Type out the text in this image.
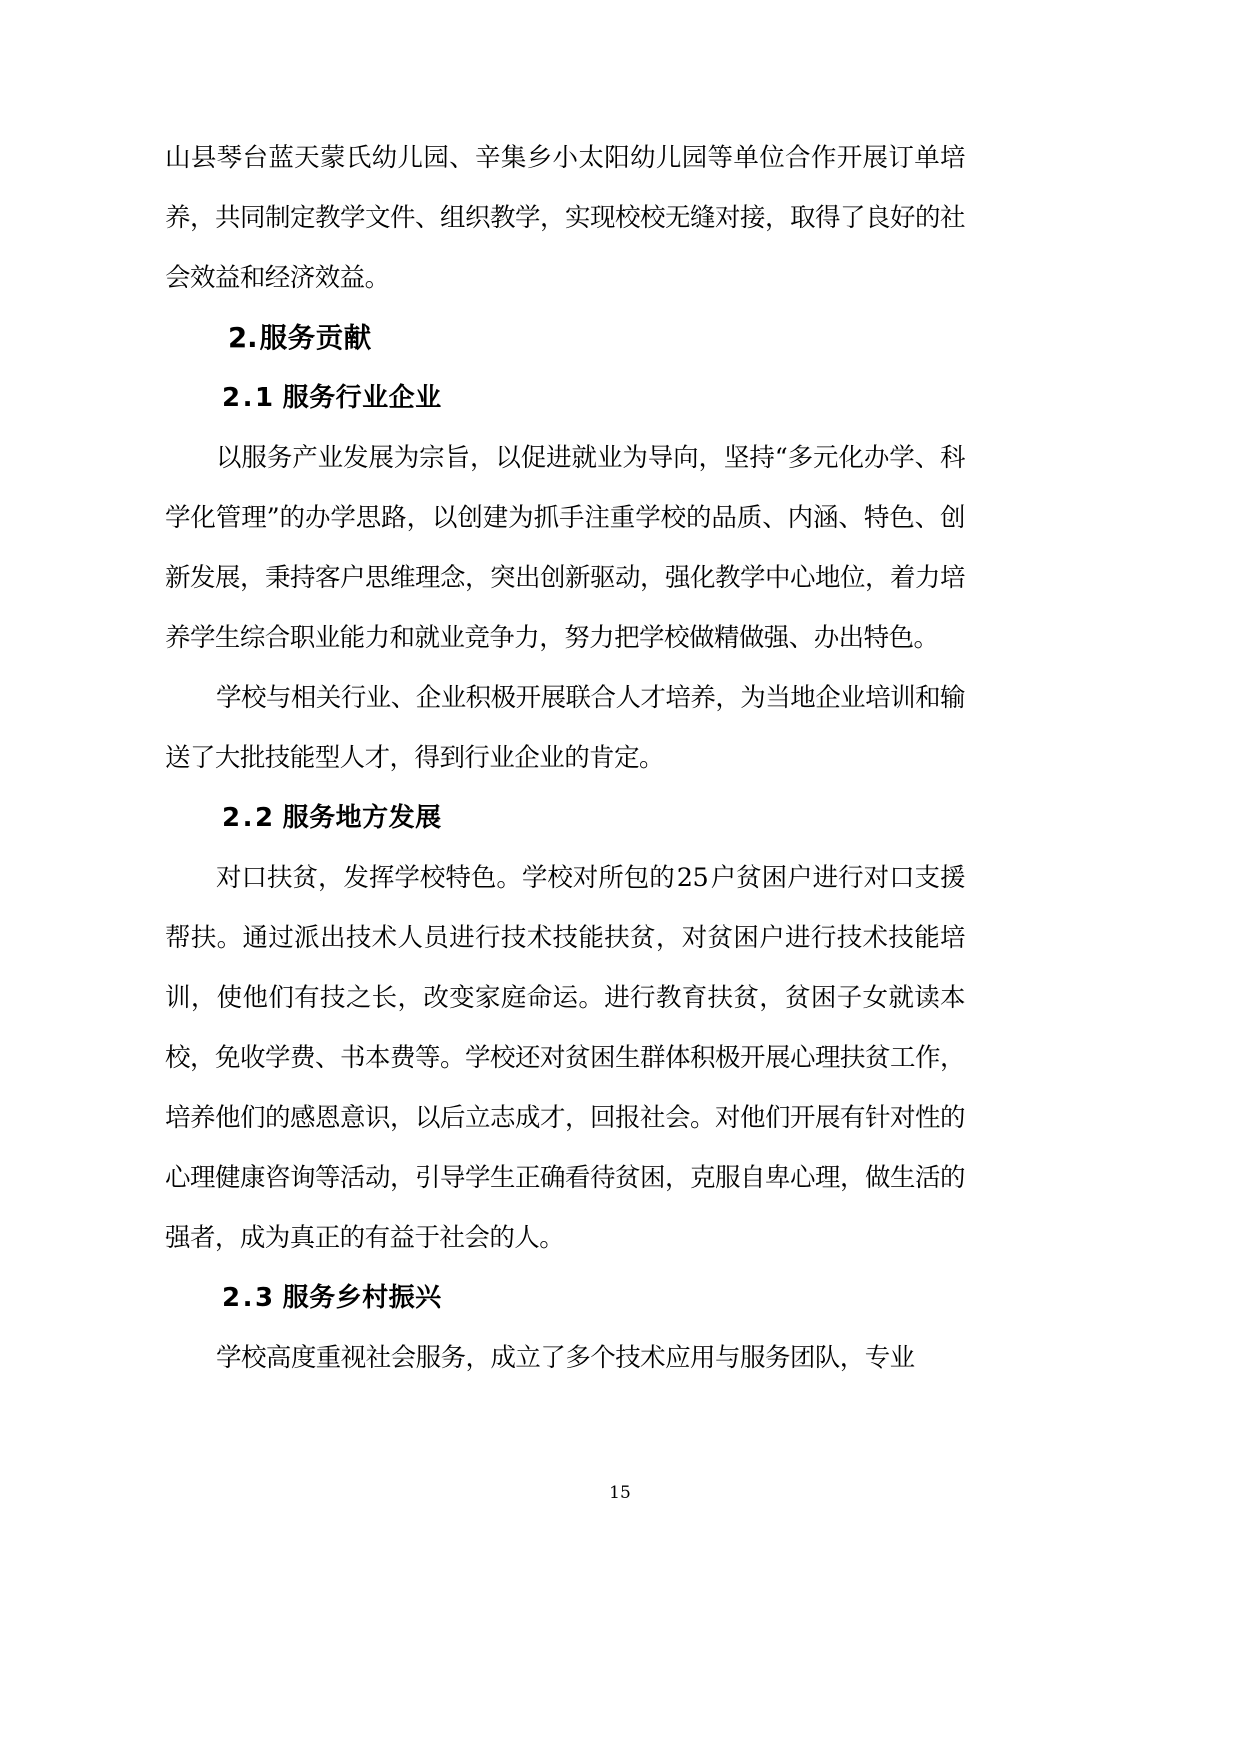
山县琴台蓝天蒙氏幼儿园、辛集乡小太阳幼儿园等单位合作开展订单培养，共同制定教学文件、组织教学，实现校校无缝对接，取得了良好的社会效益和经济效益。

2.服务贡献
2.1 服务行业企业

以服务产业发展为宗旨，以促进就业为导向，坚持“多元化办学、科学化管理”的办学思路，以创建为抓手注重学校的品质、内涵、特色、创新发展，秉持客户思维理念，突出创新驱动，强化教学中心地位，着力培养学生综合职业能力和就业竞争力，努力把学校做精做强、办出特色。

学校与相关行业、企业积极开展联合人才培养，为当地企业培训和输送了大批技能型人才，得到行业企业的肯定。

2.2 服务地方发展

对口扶贫，发挥学校特色。学校对所包的25户贫困户进行对口支援帮扶。通过派出技术人员进行技术技能扶贫，对贫困户进行技术技能培训，使他们有技之长，改变家庭命运。进行教育扶贫，贫困子女就读本校，免收学费、书本费等。学校还对贫困生群体积极开展心理扶贫工作，培养他们的感恩意识，以后立志成才，回报社会。对他们开展有针对性的心理健康咨询等活动，引导学生正确看待贫困，克服自卑心理，做生活的强者，成为真正的有益于社会的人。

2.3 服务乡村振兴

学校高度重视社会服务，成立了多个技术应用与服务团队，专业

15
